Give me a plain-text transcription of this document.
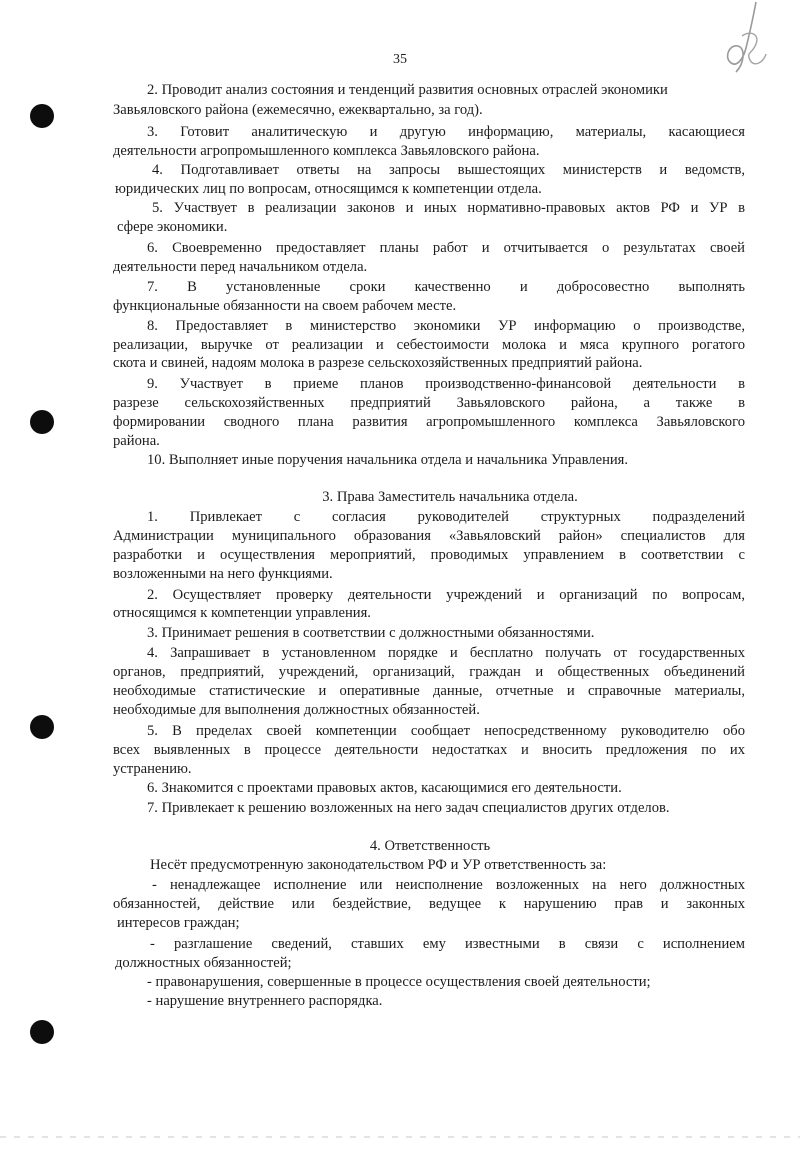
35
2. Проводит анализ состояния и тенденций развития основных отраслей экономики
Завьяловского района (ежемесячно, ежеквартально, за год).
3. Готовит аналитическую и другую информацию, материалы, касающиеся
деятельности агропромышленного комплекса Завьяловского района.
4. Подготавливает ответы на запросы вышестоящих министерств и ведомств,
юридических лиц по вопросам, относящимся к компетенции отдела.
5. Участвует в реализации законов и иных нормативно-правовых актов РФ и УР в
сфере экономики.
6. Своевременно предоставляет планы работ и отчитывается о результатах своей
деятельности перед начальником отдела.
7. В установленные сроки качественно и добросовестно выполнять
функциональные обязанности на своем рабочем месте.
8. Предоставляет в министерство экономики УР информацию о производстве,
реализации, выручке от реализации и себестоимости молока и мяса крупного рогатого
скота и свиней, надоям молока в разрезе сельскохозяйственных предприятий района.
9. Участвует в приеме планов производственно-финансовой деятельности в
разрезе сельскохозяйственных предприятий Завьяловского района, а также в
формировании сводного плана развития агропромышленного комплекса Завьяловского
района.
10. Выполняет иные поручения начальника отдела и начальника Управления.
3. Права Заместитель начальника отдела.
1. Привлекает с согласия руководителей структурных подразделений
Администрации муниципального образования «Завьяловский район» специалистов для
разработки и осуществления мероприятий, проводимых управлением в соответствии с
возложенными на него функциями.
2. Осуществляет проверку деятельности учреждений и организаций по вопросам,
относящимся к компетенции управления.
3. Принимает решения в соответствии с должностными обязанностями.
4. Запрашивает в установленном порядке и бесплатно получать от государственных
органов, предприятий, учреждений, организаций, граждан и общественных объединений
необходимые статистические и оперативные данные, отчетные и справочные материалы,
необходимые для выполнения должностных обязанностей.
5. В пределах своей компетенции сообщает непосредственному руководителю обо
всех выявленных в процессе деятельности недостатках и вносить предложения по их
устранению.
6. Знакомится с проектами правовых актов, касающимися его деятельности.
7. Привлекает к решению возложенных на него задач специалистов других отделов.
4. Ответственность
Несёт предусмотренную законодательством РФ и УР ответственность за:
- ненадлежащее исполнение или неисполнение возложенных на него должностных
обязанностей, действие или бездействие, ведущее к нарушению прав и законных
интересов граждан;
- разглашение сведений, ставших ему известными в связи с исполнением
должностных обязанностей;
- правонарушения, совершенные в процессе осуществления своей деятельности;
- нарушение внутреннего распорядка.
